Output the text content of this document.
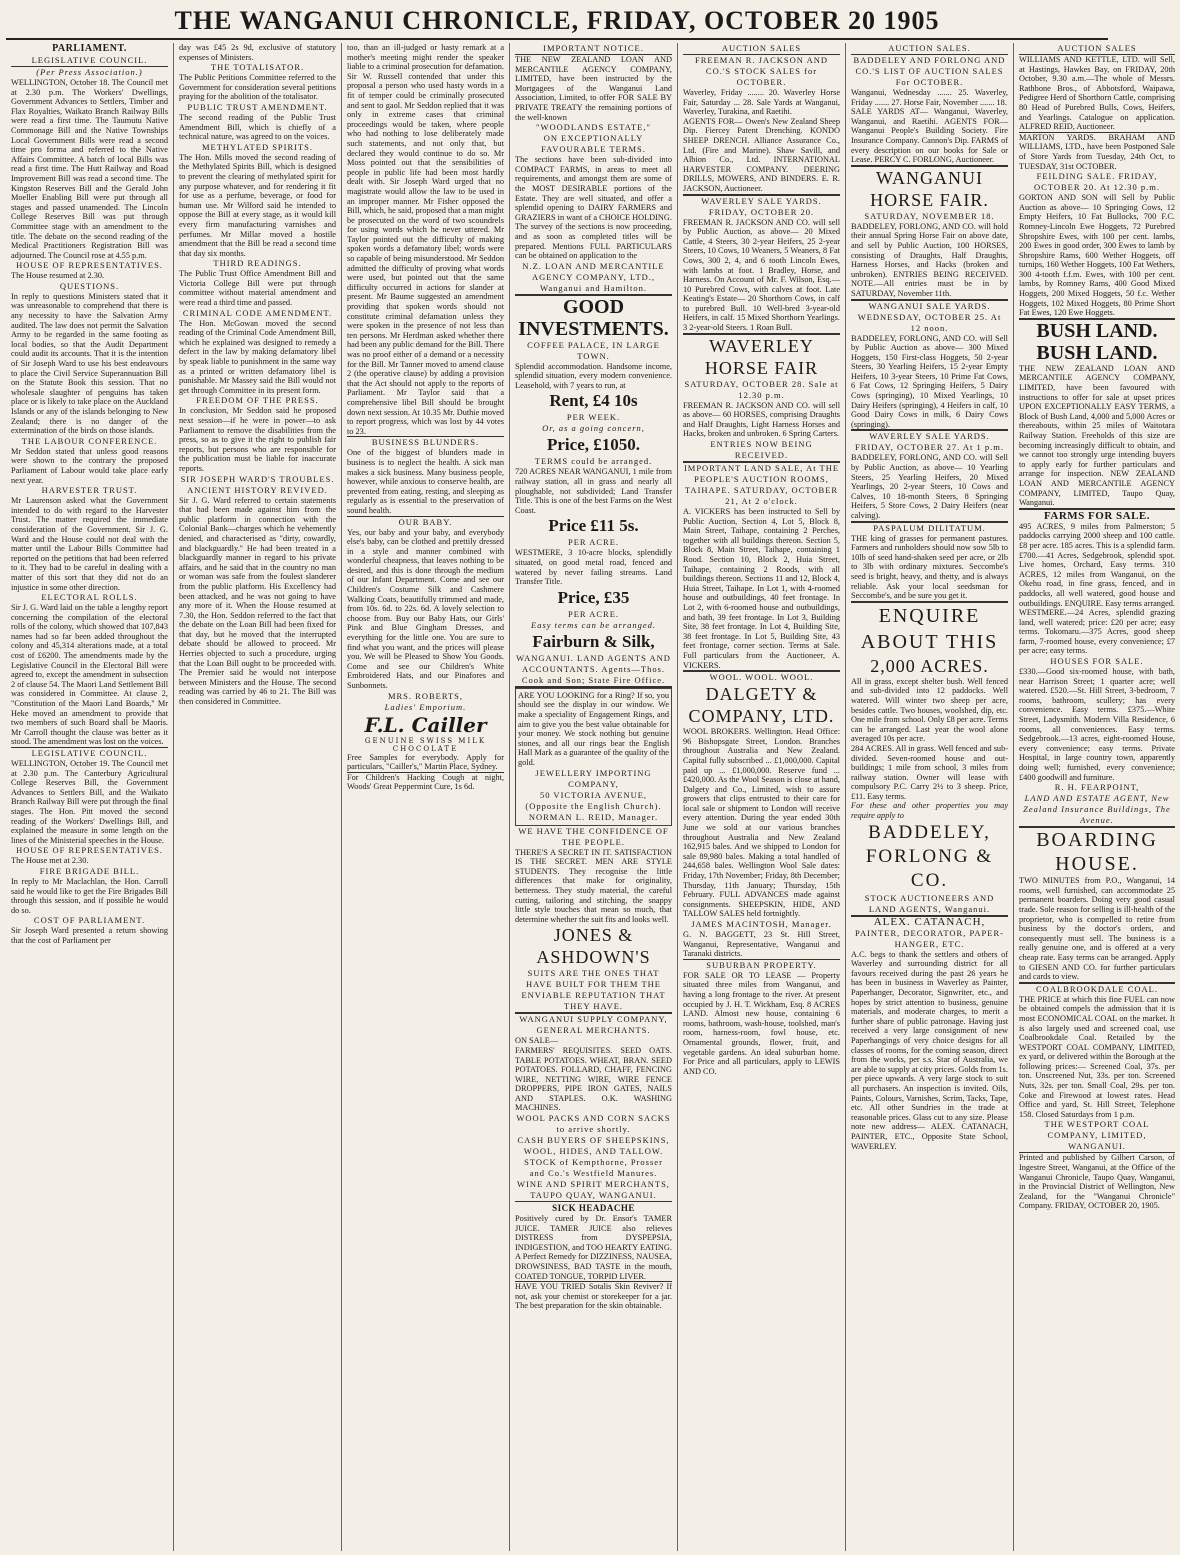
THE WANGANUI CHRONICLE, FRIDAY, OCTOBER 20 1905
PARLIAMENT.
LEGISLATIVE COUNCIL.
(Per Press Association.)

WELLINGTON, October 18. The Council met at 2.30 p.m. The Workers' Dwellings, Government Advances to Settlers, Timber and Flax Royalties, Waikato Branch Railway Bills were read a first time. The Taumutu Native Commonage Bill and the Native Townships Local Government Bills were read a second time pro forma and referred to the Native Affairs Committee. A batch of local Bills was read a first time. The Hutt Railway and Road Improvement Bill was read a second time. The Kingston Reserves Bill and the Gerald John Moeller Enabling Bill were put through all stages and passed unamended. The Lincoln College Reserves Bill was put through Committee stage with an amendment to the title. The debate on the second reading of the Medical Practitioners Registration Bill was adjourned. The Council rose at 4.55 p.m.

HOUSE OF REPRESENTATIVES.

The House resumed at 2.30.

QUESTIONS.

In reply to questions Ministers stated that it was unreasonable to comprehend that there is any necessity to have the Salvation Army audited. The law does not permit the Salvation Army to be regarded in the same footing as local bodies, so that the Audit Department could audit its accounts. That it is the intention of Sir Joseph Ward to use his best endeavours to place the Civil Service Superannuation Bill on the Statute Book this session. That no wholesale slaughter of penguins has taken place or is likely to take place on the Auckland Islands or any of the islands belonging to New Zealand; there is no danger of the extermination of the birds on those islands.

THE LABOUR CONFERENCE.

Mr Seddon stated that unless good reasons were shown to the contrary the proposed Parliament of Labour would take place early next year.

HARVESTER TRUST.

Mr Laurenson asked what the Government intended to do with regard to the Harvester Trust. The matter required the immediate consideration of the Government. Sir J. G. Ward and the House could not deal with the matter until the Labour Bills Committee had reported on the petitions that had been referred to it. They had to be careful in dealing with a matter of this sort that they did not do an injustice in some other direction.

ELECTORAL ROLLS.

Sir J. G. Ward laid on the table a lengthy report concerning the compilation of the electoral rolls of the colony, which showed that 107,843 names had so far been added throughout the colony and 45,314 alterations made, at a total cost of £6200. The amendments made by the Legislative Council in the Electoral Bill were agreed to, except the amendment in subsection 2 of clause 54. The Maori Land Settlement Bill was considered in Committee. At clause 2, "Constitution of the Maori Land Boards," Mr Heke moved an amendment to provide that two members of such Board shall be Maoris. Mr Carroll thought the clause was better as it stood. The amendment was lost on the voices.

LEGISLATIVE COUNCIL.

WELLINGTON, October 19. The Council met at 2.30 p.m. The Canterbury Agricultural College Reserves Bill, the Government Advances to Settlers Bill, and the Waikato Branch Railway Bill were put through the final stages. The Hon. Pitt moved the second reading of the Workers' Dwellings Bill, and explained the measure in some length on the lines of the Ministerial speeches in the House.

HOUSE OF REPRESENTATIVES.

The House met at 2.30.

FIRE BRIGADE BILL.

In reply to Mr Maclachlan, the Hon. Carroll said he would like to get the Fire Brigades Bill through this session, and if possible he would do so.

COST OF PARLIAMENT.

Sir Joseph Ward presented a return showing that the cost of Parliament per

day was £45 2s 9d, exclusive of statutory expenses of Ministers.

THE TOTALISATOR.

The Public Petitions Committee referred to the Government for consideration several petitions praying for the abolition of the totalisator.

PUBLIC TRUST AMENDMENT.

The second reading of the Public Trust Amendment Bill, which is chiefly of a technical nature, was agreed to on the voices.

METHYLATED SPIRITS.

The Hon. Mills moved the second reading of the Methylated Spirits Bill, which is designed to prevent the clearing of methylated spirit for any purpose whatever, and for rendering it fit for use as a perfume, beverage, or food for human use. Mr Wilford said he intended to oppose the Bill at every stage, as it would kill every firm manufacturing varnishes and perfumes. Mr Millar moved a hostile amendment that the Bill be read a second time that day six months.

THIRD READINGS.

The Public Trust Office Amendment Bill and Victoria College Bill were put through committee without material amendment and were read a third time and passed.

CRIMINAL CODE AMENDMENT.

The Hon. McGowan moved the second reading of the Criminal Code Amendment Bill, which he explained was designed to remedy a defect in the law by making defamatory libel by speak liable to punishment in the same way as a printed or written defamatory libel is punishable. Mr Massey said the Bill would not get through Committee in its present form.

FREEDOM OF THE PRESS.

In conclusion, Mr Seddon said he proposed next session—if he were in power—to ask Parliament to remove the disabilities from the press, so as to give it the right to publish fair reports, but persons who are responsible for the publication must be liable for inaccurate reports.

SIR JOSEPH WARD'S TROUBLES.
ANCIENT HISTORY REVIVED.

Sir J. G. Ward referred to certain statements that had been made against him from the public platform in connection with the Colonial Bank—charges which he vehemently denied, and characterised as "dirty, cowardly, and blackguardly." He had been treated in a blackguardly manner in regard to his private affairs, and he said that in the country no man or woman was safe from the foulest slanderer from the public platform. His Excellency had been attacked, and he was not going to have any more of it. When the House resumed at 7.30, the Hon. Seddon referred to the fact that the debate on the Loan Bill had been fixed for that day, but he moved that the interrupted debate should be allowed to proceed. Mr Herries objected to such a procedure, urging that the Loan Bill ought to be proceeded with. The Premier said he would not interpose between Ministers and the House. The second reading was carried by 46 to 21. The Bill was then considered in Committee.

too, than an ill-judged or hasty remark at a mother's meeting might render the speaker liable to a criminal prosecution for defamation. Sir W. Russell contended that under this proposal a person who used hasty words in a fit of temper could be criminally prosecuted and sent to gaol. Mr Seddon replied that it was only in extreme cases that criminal proceedings would be taken, where people who had nothing to lose deliberately made such statements, and not only that, but declared they would continue to do so. Mr Moss pointed out that the sensibilities of people in public life had been most hardly dealt with. Sir Joseph Ward urged that no magistrate would allow the law to be used in an improper manner. Mr Fisher opposed the Bill, which, he said, proposed that a man might be prosecuted on the word of two scoundrels for using words which he never uttered. Mr Taylor pointed out the difficulty of making spoken words a defamatory libel; words were so capable of being misunderstood. Mr Seddon admitted the difficulty of proving what words were used, but pointed out that the same difficulty occurred in actions for slander at present. Mr Baume suggested an amendment providing that spoken words should not constitute criminal defamation unless they were spoken in the presence of not less than ten persons. Mr Herdman asked whether there had been any public demand for the Bill. There was no proof either of a demand or a necessity for the Bill. Mr Tanner moved to amend clause 2 (the operative clause) by adding a provision that the Act should not apply to the reports of Parliament. Mr Taylor said that a comprehensive libel Bill should be brought down next session. At 10.35 Mr. Duthie moved to report progress, which was lost by 44 votes to 23.

BUSINESS BLUNDERS.

One of the biggest of blunders made in business is to neglect the health. A sick man makes a sick business. Many business people, however, while anxious to conserve health, are prevented from eating, resting, and sleeping as regularly as is essential to the preservation of sound health.

OUR BABY.

Yes, our baby and your baby, and everybody else's baby, can be clothed and prettily dressed in a style and manner combined with wonderful cheapness, that leaves nothing to be desired, and this is done through the medium of our Infant Department. Come and see our Children's Costume Silk and Cashmere Walking Coats, beautifully trimmed and made, from 10s. 6d. to 22s. 6d. A lovely selection to choose from. Buy our Baby Hats, our Girls' Pink and Blue Gingham Dresses, and everything for the little one. You are sure to find what you want, and the prices will please you. We will be Pleased to Show You Goods. Come and see our Children's White Embroidered Hats, and our Pinafores and Sunbonnets.

MRS. ROBERTS,
Ladies' Emporium.
F.L. Cailler
GENUINE SWISS MILK CHOCOLATE

Free Samples for everybody. Apply for particulars, "Cailler's," Martin Place, Sydney.

For Children's Hacking Cough at night, Woods' Great Peppermint Cure, 1s 6d.

IMPORTANT NOTICE.

THE NEW ZEALAND LOAN AND MERCANTILE AGENCY COMPANY, LIMITED, have been instructed by the Mortgagees of the Wanganui Land Association, Limited, to offer FOR SALE BY PRIVATE TREATY the remaining portions of the well-known

"WOODLANDS ESTATE,"
ON EXCEPTIONALLY FAVOURABLE TERMS.

The sections have been sub-divided into COMPACT FARMS, in areas to meet all requirements, and amongst them are some of the MOST DESIRABLE portions of the Estate. They are well situated, and offer a splendid opening to DAIRY FARMERS and GRAZIERS in want of a CHOICE HOLDING. The survey of the sections is now proceeding, and as soon as completed titles will be prepared. Mentions FULL PARTICULARS can be obtained on application to the

N.Z. LOAN AND MERCANTILE AGENCY COMPANY, LTD., Wanganui and Hamilton.
GOOD INVESTMENTS.
COFFEE PALACE, IN LARGE TOWN.

Splendid accommodation. Handsome income, splendid situation, every modern convenience. Leasehold, with 7 years to run, at

Rent, £4 10s
PER WEEK.
Or, as a going concern,
Price, £1050.
TERMS could be arranged.

720 ACRES NEAR WANGANUI, 1 mile from railway station, all in grass and nearly all ploughable, not subdivided; Land Transfer Title. This is one of the best Farms on the West Coast.

Price £11 5s.
PER ACRE.

WESTMERE, 3 10-acre blocks, splendidly situated, on good metal road, fenced and watered by never failing streams. Land Transfer Title.

Price, £35
PER ACRE.
Easy terms can be arranged.
Fairburn & Silk,
WANGANUI. LAND AGENTS AND ACCOUNTANTS. Agents—Thos. Cook and Son; State Fire Office.

ARE YOU LOOKING for a Ring? If so, you should see the display in our window. We make a speciality of Engagement Rings, and aim to give you the best value obtainable for your money. We stock nothing but genuine stones, and all our rings bear the English Hall Mark as a guarantee of the quality of the gold.

JEWELLERY IMPORTING COMPANY,
50 VICTORIA AVENUE, (Opposite the English Church). NORMAN L. REID, Manager.
WE HAVE THE CONFIDENCE OF THE PEOPLE.

THERE'S A SECRET IN IT. SATISFACTION IS THE SECRET. MEN ARE STYLE STUDENTS. They recognise the little differences that make for originality, betterness. They study material, the careful cutting, tailoring and stitching, the snappy little style touches that mean so much, that determine whether the suit fits and looks well.

JONES & ASHDOWN'S
SUITS ARE THE ONES THAT HAVE BUILT FOR THEM THE ENVIABLE REPUTATION THAT THEY HAVE.
WANGANUI SUPPLY COMPANY,
GENERAL MERCHANTS.
ON SALE—

FARMERS' REQUISITES. SEED OATS. TABLE POTATOES. WHEAT, BRAN. SEED POTATOES. FOLLARD, CHAFF, FENCING WIRE, NETTING WIRE, WIRE FENCE DROPPERS, PIPE IRON GATES, NAILS AND STAPLES. O.K. WASHING MACHINES.

WOOL PACKS AND CORN SACKS to arrive shortly.
CASH BUYERS OF SHEEPSKINS, WOOL, HIDES, AND TALLOW. STOCK of Kempthorne, Prosser and Co.'s Westfield Manures.
WINE AND SPIRIT MERCHANTS, TAUPO QUAY, WANGANUI.
SICK HEADACHE

Positively cured by Dr. Ensor's TAMER JUICE. TAMER JUICE also relieves DISTRESS from DYSPEPSIA, INDIGESTION, and TOO HEARTY EATING.

A Perfect Remedy for DIZZINESS, NAUSEA, DROWSINESS, BAD TASTE in the mouth, COATED TONGUE, TORPID LIVER.

HAVE YOU TRIED Sotalis Skin Reviver? If not, ask your chemist or storekeeper for a jar. The best preparation for the skin obtainable.

AUCTION SALES
FREEMAN R. JACKSON AND CO.'S STOCK SALES for OCTOBER.

Waverley, Friday ........ 20. Waverley Horse Fair, Saturday ... 28. Sale Yards at Wanganui, Waverley, Turakina, and Raetihi.

AGENTS FOR— Owen's New Zealand Sheep Dip. Fiercey Patent Drenching. KONDO SHEEP DRENCH. Alliance Assurance Co., Ltd. (Fire and Marine). Shaw Savill, and Albion Co., Ltd. INTERNATIONAL HARVESTER COMPANY. DEERING DRILLS, MOWERS, AND BINDERS. E. R. JACKSON, Auctioneer.

WAVERLEY SALE YARDS. FRIDAY, OCTOBER 20.

FREEMAN R. JACKSON AND CO. will sell by Public Auction, as above— 20 Mixed Cattle, 4 Steers, 30 2-year Heifers, 25 2-year Steers, 10 Cows, 10 Weaners, 5 Weaners, 8 Fat Cows, 300 2, 4, and 6 tooth Lincoln Ewes, with lambs at foot. 1 Bradley, Horse, and Harness. On Account of Mr. F. Wilson, Esq.— 10 Purebred Cows, with calves at foot. Late Keating's Estate— 20 Shorthorn Cows, in calf to purebred Bull. 10 Well-bred 3-year-old Heifers, in calf. 15 Mixed Shorthorn Yearlings. 3 2-year-old Steers. 1 Roan Bull.

WAVERLEY HORSE FAIR
SATURDAY, OCTOBER 28. Sale at 12.30 p.m.

FREEMAN R. JACKSON AND CO. will sell as above— 60 HORSES, comprising Draughts and Half Draughts, Light Harness Horses and Hacks, broken and unbroken. 6 Spring Carters.

ENTRIES NOW BEING RECEIVED.
IMPORTANT LAND SALE, At THE PEOPLE'S AUCTION ROOMS, TAIHAPE. SATURDAY, OCTOBER 21, At 2 o'clock.

A. VICKERS has been instructed to Sell by Public Auction, Section 4, Lot 5, Block 8, Main Street, Taihape, containing 2 Perches, together with all buildings thereon. Section 5, Block 8, Main Street, Taihape, containing 1 Rood. Section 10, Block 2, Huia Street, Taihape, containing 2 Roods, with all buildings thereon. Sections 11 and 12, Block 4, Huia Street, Taihape. In Lot 1, with 4-roomed house and outbuildings, 40 feet frontage. In Lot 2, with 6-roomed house and outbuildings, and bath, 39 feet frontage. In Lot 3, Building Site, 38 feet frontage. In Lot 4, Building Site, 38 feet frontage. In Lot 5, Building Site, 43 feet frontage, corner section. Terms at Sale. Full particulars from the Auctioneer, A. VICKERS.

WOOL. WOOL. WOOL.
DALGETY & COMPANY, LTD.

WOOL BROKERS. Wellington. Head Office: 96 Bishopsgate Street, London. Branches throughout Australia and New Zealand. Capital fully subscribed ... £1,000,000. Capital paid up ... £1,000,000. Reserve fund ... £420,000. As the Wool Season is close at hand, Dalgety and Co., Limited, wish to assure growers that clips entrusted to their care for local sale or shipment to London will receive every attention. During the year ended 30th June we sold at our various branches throughout Australia and New Zealand 162,915 bales. And we shipped to London for sale 89,980 bales. Making a total handled of 244,658 bales. Wellington Wool Sale dates: Friday, 17th November; Friday, 8th December; Thursday, 11th January; Thursday, 15th February. FULL ADVANCES made against consignments. SHEEPSKIN, HIDE, AND TALLOW SALES held fortnightly.

JAMES MACINTOSH, Manager.

G. N. BAGGETT, 23 St. Hill Street, Wanganui, Representative, Wanganui and Taranaki districts.

SUBURBAN PROPERTY.

FOR SALE OR TO LEASE — Property situated three miles from Wanganui, and having a long frontage to the river. At present occupied by J. H. T. Wickham, Esq. 8 ACRES LAND. Almost new house, containing 6 rooms, bathroom, wash-house, toolshed, man's room, harness-room, fowl house, etc. Ornamental grounds, flower, fruit, and vegetable gardens. An ideal suburban home. For Price and all particulars, apply to LEWIS AND CO.

AUCTION SALES.
BADDELEY AND FORLONG AND CO.'S LIST OF AUCTION SALES For OCTOBER.

Wanganui, Wednesday ....... 25. Waverley, Friday ....... 27. Horse Fair, November ....... 18.

SALE YARDS AT— Wanganui, Waverley, Wanganui, and Raetihi. AGENTS FOR— Wanganui People's Building Society. Fire Insurance Company. Cannon's Dip. FARMS of every description on our books for Sale or Lease. PERCY C. FORLONG, Auctioneer.

WANGANUI HORSE FAIR.
SATURDAY, NOVEMBER 18.

BADDELEY, FORLONG, AND CO. will hold their annual Spring Horse Fair on above date, and sell by Public Auction, 100 HORSES, consisting of Draughts, Half Draughts, Harness Horses, and Hacks (broken and unbroken). ENTRIES BEING RECEIVED. NOTE.—All entries must be in by SATURDAY, November 11th.

WANGANUI SALE YARDS. WEDNESDAY, OCTOBER 25. At 12 noon.

BADDELEY, FORLONG, AND CO. will Sell by Public Auction as above— 300 Mixed Hoggets, 150 First-class Hoggets, 50 2-year Steers, 30 Yearling Heifers, 15 2-year Empty Heifers, 10 3-year Steers, 10 Prime Fat Cows, 6 Fat Cows, 12 Springing Heifers, 5 Dairy Cows (springing), 10 Mixed Yearlings, 10 Dairy Heifers (springing), 4 Heifers in calf, 10 Good Dairy Cows in milk, 6 Dairy Cows (springing).

WAVERLEY SALE YARDS. FRIDAY, OCTOBER 27. At 1 p.m.

BADDELEY, FORLONG, AND CO. will Sell by Public Auction, as above— 10 Yearling Steers, 25 Yearling Heifers, 20 Mixed Yearlings, 20 2-year Steers, 10 Cows and Calves, 10 18-month Steers, 8 Springing Heifers, 5 Store Cows, 2 Dairy Heifers (near calving).

PASPALUM DILITATUM.

THE king of grasses for permanent pastures. Farmers and runholders should now sow 5lb to 10lb of seed hand-shaken seed per acre, or 2lb to 3lb with ordinary mixtures. Seccombe's seed is bright, heavy, and thetty, and is always reliable. Ask your local seedsman for Seccombe's, and be sure you get it.

ENQUIRE ABOUT THIS
2,000 ACRES.

All in grass, except shelter bush. Well fenced and sub-divided into 12 paddocks. Well watered. Will winter two sheep per acre, besides cattle. Two houses, woolshed, dip, etc. One mile from school. Only £8 per acre. Terms can be arranged. Last year the wool alone averaged 10s per acre.

284 ACRES. All in grass. Well fenced and sub-divided. Seven-roomed house and out-buildings; 1 mile from school, 3 miles from railway station. Owner will lease with compulsory P.C. Carry 2½ to 3 sheep. Price, £11. Easy terms.

For these and other properties you may require apply to

BADDELEY, FORLONG & CO.
STOCK AUCTIONEERS AND LAND AGENTS, Wanganui.
ALEX. CATANACH,
PAINTER, DECORATOR, PAPER-HANGER, ETC.

A.C. begs to thank the settlers and others of Waverley and surrounding district for all favours received during the past 26 years he has been in business in Waverley as Painter, Paperhanger, Decorator, Signwriter, etc., and hopes by strict attention to business, genuine materials, and moderate charges, to merit a further share of public patronage. Having just received a very large consignment of new Paperhangings of very choice designs for all classes of rooms, for the coming season, direct from the works, per s.s. Star of Australia, we are able to supply at city prices. Golds from 1s. per piece upwards. A very large stock to suit all purchasers. An inspection is invited. Oils, Paints, Colours, Varnishes, Scrim, Tacks, Tape, etc. All other Sundries in the trade at reasonable prices. Glass cut to any size. Please note new address— ALEX. CATANACH, PAINTER, ETC., Opposite State School, WAVERLEY.

AUCTION SALES

WILLIAMS AND KETTLE, LTD. will Sell, at Hastings, Hawkes Bay, on FRIDAY, 20th October, 9.30 a.m.—The whole of Messrs. Rathbone Bros., of Abbotsford, Waipawa, Pedigree Herd of Shorthorn Cattle, comprising 80 Head of Purebred Bulls, Cows, Heifers, and Yearlings. Catalogue on application. ALFRED REID, Auctioneer.

MARTON YARDS. BRAHAM AND WILLIAMS, LTD., have been Postponed Sale of Store Yards from Tuesday, 24th Oct, to TUESDAY, 31st OCTOBER.

FEILDING SALE. FRIDAY, OCTOBER 20. At 12.30 p.m.

GORTON AND SON will Sell by Public Auction as above— 10 Springing Cows, 12 Empty Heifers, 10 Fat Bullocks, 700 F.C. Romney-Lincoln Ewe Hoggets, 72 Purebred Shropshire Ewes, with 100 per cent. lambs, 200 Ewes in good order, 300 Ewes to lamb by Shropshire Rams, 600 Wether Hoggets, off turnips, 160 Wether Hoggets, 100 Fat Wethers, 300 4-tooth f.f.m. Ewes, with 100 per cent. lambs, by Romney Rams, 400 Good Mixed Hoggets, 200 Mixed Hoggets, 50 f.c. Wether Hoggets, 102 Mixed Hoggets, 80 Prime Short Fat Ewes, 120 Ewe Hoggets.

BUSH LAND.
BUSH LAND.

THE NEW ZEALAND LOAN AND MERCANTILE AGENCY COMPANY, LIMITED, have been favoured with instructions to offer for sale at upset prices UPON EXCEPTIONALLY EASY TERMS, a Block of Bush Land, 4,000 and 5,000 Acres or thereabouts, within 25 miles of Waitotara Railway Station. Freeholds of this size are becoming increasingly difficult to obtain, and we cannot too strongly urge intending buyers to apply early for further particulars and arrange for inspection. NEW ZEALAND LOAN AND MERCANTILE AGENCY COMPANY, LIMITED, Taupo Quay, Wanganui.

FARMS FOR SALE.

495 ACRES, 9 miles from Palmerston; 5 paddocks carrying 2000 sheep and 100 cattle. £8 per acre. 185 acres. This is a splendid farm. £700.—41 Acres, Sedgebrook, splendid spot. Live homes, Orchard, Easy terms. 310 ACRES, 12 miles from Wanganui, on the Okehu road, in fine grass, fenced, and in paddocks, all well watered, good house and outbuildings. ENQUIRE. Easy terms arranged. WESTMERE.—24 Acres, splendid grazing land, well watered; price: £20 per acre; easy terms. Tokomaru.—375 Acres, good sheep farm, 7-roomed house, every convenience; £7 per acre; easy terms.

HOUSES FOR SALE.

£330.—Good six-roomed house, with bath, near Harrison Street; 1 quarter acre; well watered. £520.—St. Hill Street, 3-bedroom, 7 rooms, bathroom, scullery; has every convenience. Easy terms. £375.—White Street, Ladysmith. Modern Villa Residence, 6 rooms, all conveniences. Easy terms. Sedgebrook.—13 acres, eight-roomed House, every convenience; easy terms. Private Hospital, in large country town, apparently doing well; furnished, every convenience; £400 goodwill and furniture.

R. H. FEARPOINT,
LAND AND ESTATE AGENT, New Zealand Insurance Buildings, The Avenue.
BOARDING HOUSE.

TWO MINUTES from P.O., Wanganui, 14 rooms, well furnished, can accommodate 25 permanent boarders. Doing very good casual trade. Sole reason for selling is ill-health of the proprietor, who is compelled to retire from business by the doctor's orders, and consequently must sell. The business is a really genuine one, and is offered at a very cheap rate. Easy terms can be arranged. Apply to GIESEN AND CO. for further particulars and cards to view.

COALBROOKDALE COAL.

THE PRICE at which this fine FUEL can now be obtained compels the admission that it is most ECONOMICAL COAL on the market. It is also largely used and screened coal, use Coalbrookdale Coal. Retailed by the WESTPORT COAL COMPANY, LIMITED, ex yard, or delivered within the Borough at the following prices:— Screened Coal, 37s. per ton. Unscreened Nut, 33s. per ton. Screened Nuts, 32s. per ton. Small Coal, 29s. per ton. Coke and Firewood at lowest rates. Head Office and yard, St. Hill Street, Telephone 158. Closed Saturdays from 1 p.m.

THE WESTPORT COAL COMPANY, LIMITED, WANGANUI.

Printed and published by Gilbert Carson, of Ingestre Street, Wanganui, at the Office of the Wanganui Chronicle, Taupo Quay, Wanganui, in the Provincial District of Wellington, New Zealand, for the "Wanganui Chronicle" Company. FRIDAY, OCTOBER 20, 1905.
